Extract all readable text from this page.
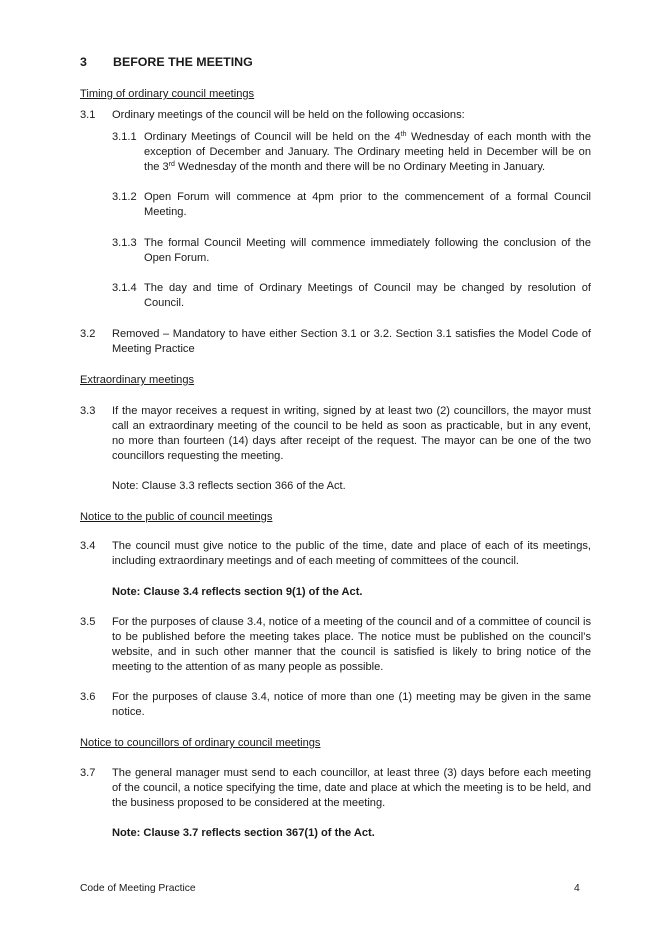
3 BEFORE THE MEETING
Timing of ordinary council meetings
3.1 Ordinary meetings of the council will be held on the following occasions:
3.1.1 Ordinary Meetings of Council will be held on the 4th Wednesday of each month with the exception of December and January. The Ordinary meeting held in December will be on the 3rd Wednesday of the month and there will be no Ordinary Meeting in January.
3.1.2 Open Forum will commence at 4pm prior to the commencement of a formal Council Meeting.
3.1.3 The formal Council Meeting will commence immediately following the conclusion of the Open Forum.
3.1.4 The day and time of Ordinary Meetings of Council may be changed by resolution of Council.
3.2 Removed – Mandatory to have either Section 3.1 or 3.2. Section 3.1 satisfies the Model Code of Meeting Practice
Extraordinary meetings
3.3 If the mayor receives a request in writing, signed by at least two (2) councillors, the mayor must call an extraordinary meeting of the council to be held as soon as practicable, but in any event, no more than fourteen (14) days after receipt of the request. The mayor can be one of the two councillors requesting the meeting.
Note: Clause 3.3 reflects section 366 of the Act.
Notice to the public of council meetings
3.4 The council must give notice to the public of the time, date and place of each of its meetings, including extraordinary meetings and of each meeting of committees of the council.
Note: Clause 3.4 reflects section 9(1) of the Act.
3.5 For the purposes of clause 3.4, notice of a meeting of the council and of a committee of council is to be published before the meeting takes place. The notice must be published on the council’s website, and in such other manner that the council is satisfied is likely to bring notice of the meeting to the attention of as many people as possible.
3.6 For the purposes of clause 3.4, notice of more than one (1) meeting may be given in the same notice.
Notice to councillors of ordinary council meetings
3.7 The general manager must send to each councillor, at least three (3) days before each meeting of the council, a notice specifying the time, date and place at which the meeting is to be held, and the business proposed to be considered at the meeting.
Note: Clause 3.7 reflects section 367(1) of the Act.
Code of Meeting Practice	4
